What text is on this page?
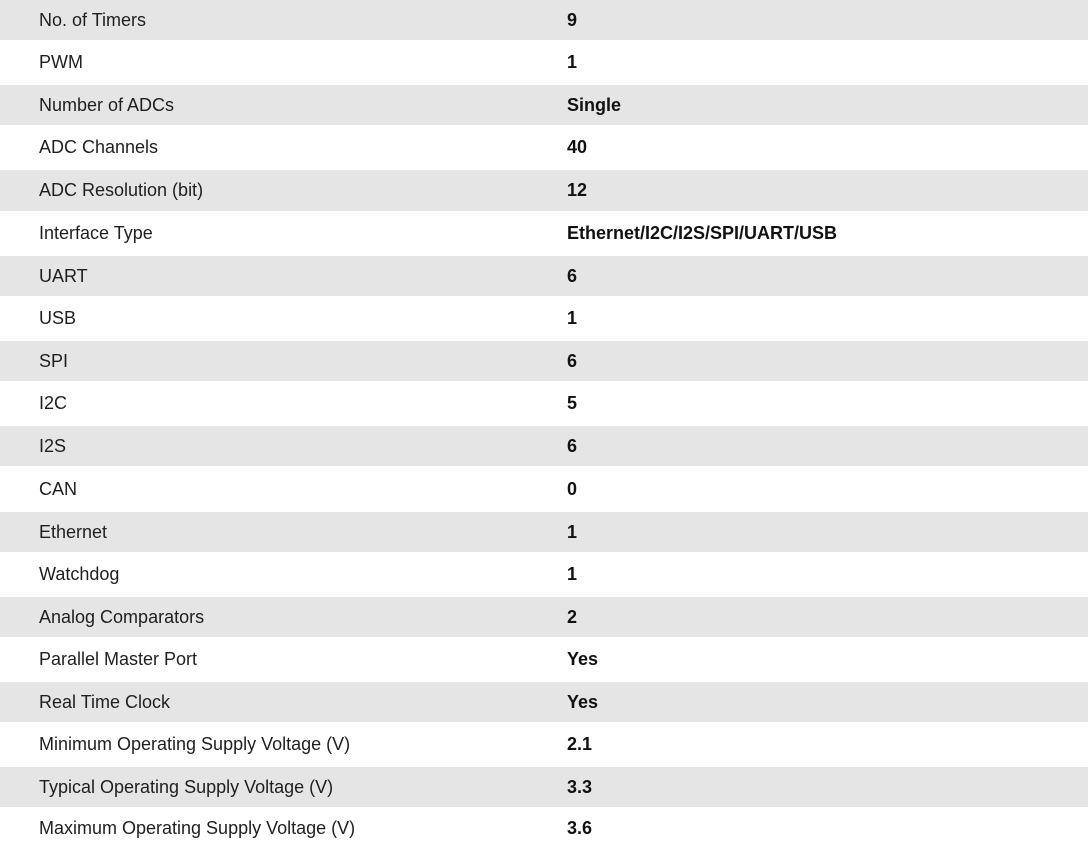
No. of Timers	9
PWM	1
Number of ADCs	Single
ADC Channels	40
ADC Resolution (bit)	12
Interface Type	Ethernet/I2C/I2S/SPI/UART/USB
UART	6
USB	1
SPI	6
I2C	5
I2S	6
CAN	0
Ethernet	1
Watchdog	1
Analog Comparators	2
Parallel Master Port	Yes
Real Time Clock	Yes
Minimum Operating Supply Voltage (V)	2.1
Typical Operating Supply Voltage (V)	3.3
Maximum Operating Supply Voltage (V)	3.6
